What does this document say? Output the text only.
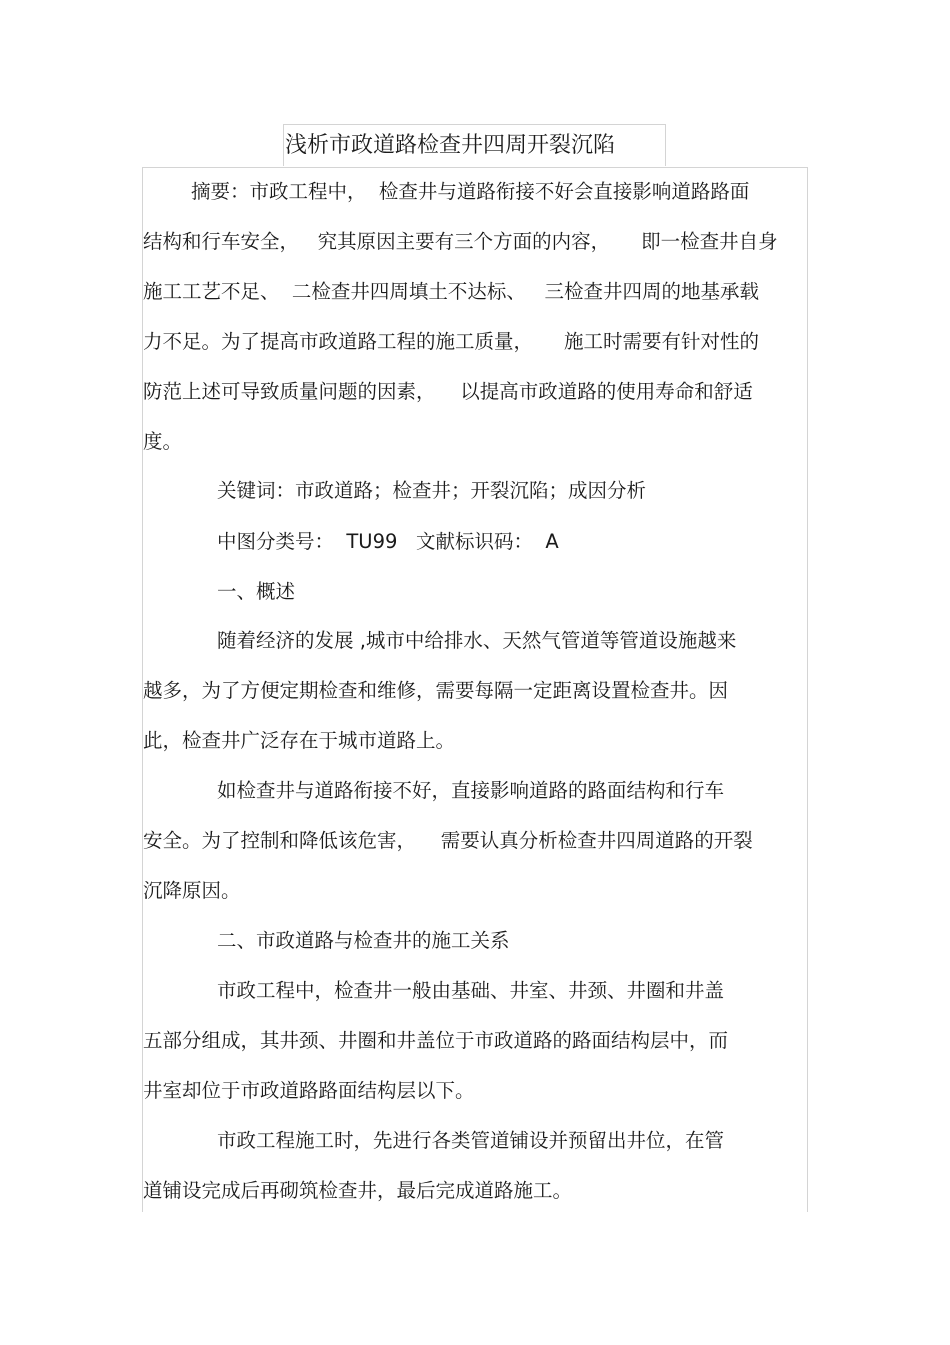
浅析市政道路检查井四周开裂沉陷
摘要：市政工程中，  检查井与道路衔接不好会直接影响道路路面
结构和行车安全，   究其原因主要有三个方面的内容，     即一检查井自身
施工工艺不足、  二检查井四周填土不达标、   三检查井四周的地基承载
力不足。为了提高市政道路工程的施工质量，     施工时需要有针对性的
防范上述可导致质量问题的因素，    以提高市政道路的使用寿命和舒适
度。
关键词：市政道路；检查井；开裂沉陷；成因分析
中图分类号：  TU99   文献标识码：  A
一、概述
随着经济的发展 ,城市中给排水、天然气管道等管道设施越来
越多，为了方便定期检查和维修，需要每隔一定距离设置检查井。因
此，检查井广泛存在于城市道路上。
如检查井与道路衔接不好，直接影响道路的路面结构和行车
安全。为了控制和降低该危害，    需要认真分析检查井四周道路的开裂
沉降原因。
二、市政道路与检查井的施工关系
市政工程中，检查井一般由基础、井室、井颈、井圈和井盖
五部分组成，其井颈、井圈和井盖位于市政道路的路面结构层中，而
井室却位于市政道路路面结构层以下。
市政工程施工时，先进行各类管道铺设并预留出井位，在管
道铺设完成后再砌筑检查井，最后完成道路施工。
